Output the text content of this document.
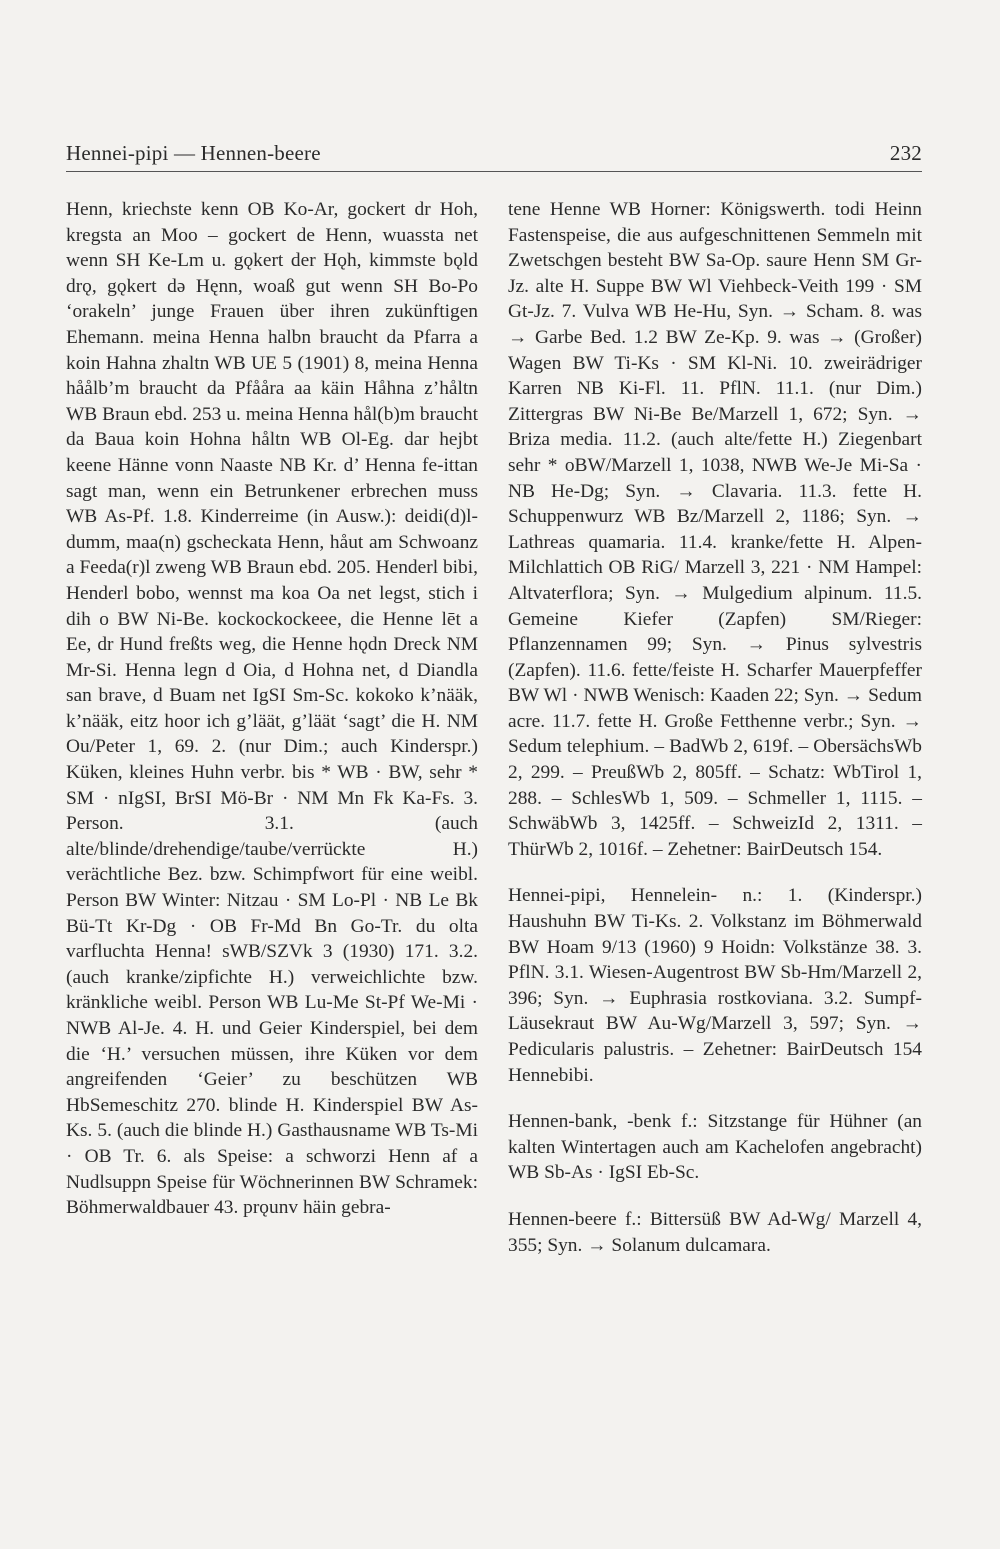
Hennei-pipi — Hennen-beere	232

Henn, kriechste kenn OB Ko-Ar, gockert dr Hoh, kregsta an Moo – gockert de Henn, wuassta net wenn SH Ke-Lm u. gǫkert der Hǫh, kimmste bǫld drǫ, gǫkert də Hęnn, woaß gut wenn SH Bo-Po ‘orakeln’ junge Frauen über ihren zukünftigen Ehemann. meina Henna halbn braucht da Pfarra a koin Hahna zhaltn WB UE 5 (1901) 8, meina Henna håålb’m braucht da Pfååra aa käin Håhna z’håltn WB Braun ebd. 253 u. meina Henna hål(b)m braucht da Baua koin Hohna håltn WB Ol-Eg. dar hejbt keene Hänne vonn Naaste NB Kr. d’ Henna fe-ittan sagt man, wenn ein Betrunkener erbrechen muss WB As-Pf. 1.8. Kinderreime (in Ausw.): deidi(d)l-dumm, maa(n) gscheckata Henn, håut am Schwoanz a Feeda(r)l zweng WB Braun ebd. 205. Henderl bibi, Henderl bobo, wennst ma koa Oa net legst, stich i dih o BW Ni-Be. kockockockeee, die Henne lēt a Ee, dr Hund freßts weg, die Henne hǫdn Dreck NM Mr-Si. Henna legn d Oia, d Hohna net, d Diandla san brave, d Buam net IgSI Sm-Sc. kokoko k’nääk, k’nääk, eitz hoor ich g’läät, g’läät ‘sagt’ die H. NM Ou/Peter 1, 69. 2. (nur Dim.; auch Kinderspr.) Küken, kleines Huhn verbr. bis * WB · BW, sehr * SM · nIgSI, BrSI Mö-Br · NM Mn Fk Ka-Fs. 3. Person. 3.1. (auch alte/blinde/drehendige/taube/verrückte H.) verächtliche Bez. bzw. Schimpfwort für eine weibl. Person BW Winter: Nitzau · SM Lo-Pl · NB Le Bk Bü-Tt Kr-Dg · OB Fr-Md Bn Go-Tr. du olta varfluchta Henna! sWB/SZVk 3 (1930) 171. 3.2. (auch kranke/zipfichte H.) verweichlichte bzw. kränkliche weibl. Person WB Lu-Me St-Pf We-Mi · NWB Al-Je. 4. H. und Geier Kinderspiel, bei dem die ‘H.’ versuchen müssen, ihre Küken vor dem angreifenden ‘Geier’ zu beschützen WB HbSemeschitz 270. blinde H. Kinderspiel BW As-Ks. 5. (auch die blinde H.) Gasthausname WB Ts-Mi · OB Tr. 6. als Speise: a schworzi Henn af a Nudlsuppn Speise für Wöchnerinnen BW Schramek: Böhmerwaldbauer 43. prǫunv häin gebra-

tene Henne WB Horner: Königswerth. todi Heinn Fastenspeise, die aus aufgeschnittenen Semmeln mit Zwetschgen besteht BW Sa-Op. saure Henn SM Gr-Jz. alte H. Suppe BW Wl Viehbeck-Veith 199 · SM Gt-Jz. 7. Vulva WB He-Hu, Syn. → Scham. 8. was → Garbe Bed. 1.2 BW Ze-Kp. 9. was → (Großer) Wagen BW Ti-Ks · SM Kl-Ni. 10. zweirädriger Karren NB Ki-Fl. 11. PflN. 11.1. (nur Dim.) Zittergras BW Ni-Be Be/Marzell 1, 672; Syn. → Briza media. 11.2. (auch alte/fette H.) Ziegenbart sehr * oBW/Marzell 1, 1038, NWB We-Je Mi-Sa · NB He-Dg; Syn. → Clavaria. 11.3. fette H. Schuppenwurz WB Bz/Marzell 2, 1186; Syn. → Lathreas quamaria. 11.4. kranke/fette H. Alpen-Milchlattich OB RiG/ Marzell 3, 221 · NM Hampel: Altvaterflora; Syn. → Mulgedium alpinum. 11.5. Gemeine Kiefer (Zapfen) SM/Rieger: Pflanzennamen 99; Syn. → Pinus sylvestris (Zapfen). 11.6. fette/feiste H. Scharfer Mauerpfeffer BW Wl · NWB Wenisch: Kaaden 22; Syn. → Sedum acre. 11.7. fette H. Große Fetthenne verbr.; Syn. → Sedum telephium. – BadWb 2, 619f. – ObersächsWb 2, 299. – PreußWb 2, 805ff. – Schatz: WbTirol 1, 288. – SchlesWb 1, 509. – Schmeller 1, 1115. – SchwäbWb 3, 1425ff. – SchweizId 2, 1311. – ThürWb 2, 1016f. – Zehetner: BairDeutsch 154.

Hennei-pipi, Hennelein- n.: 1. (Kinderspr.) Haushuhn BW Ti-Ks. 2. Volkstanz im Böhmerwald BW Hoam 9/13 (1960) 9 Hoidn: Volkstänze 38. 3. PflN. 3.1. Wiesen-Augentrost BW Sb-Hm/Marzell 2, 396; Syn. → Euphrasia rostkoviana. 3.2. Sumpf-Läusekraut BW Au-Wg/Marzell 3, 597; Syn. → Pedicularis palustris. – Zehetner: BairDeutsch 154 Hennebibi.

Hennen-bank, -benk f.: Sitzstange für Hühner (an kalten Wintertagen auch am Kachelofen angebracht) WB Sb-As · IgSI Eb-Sc.

Hennen-beere f.: Bittersüß BW Ad-Wg/ Marzell 4, 355; Syn. → Solanum dulcamara.
